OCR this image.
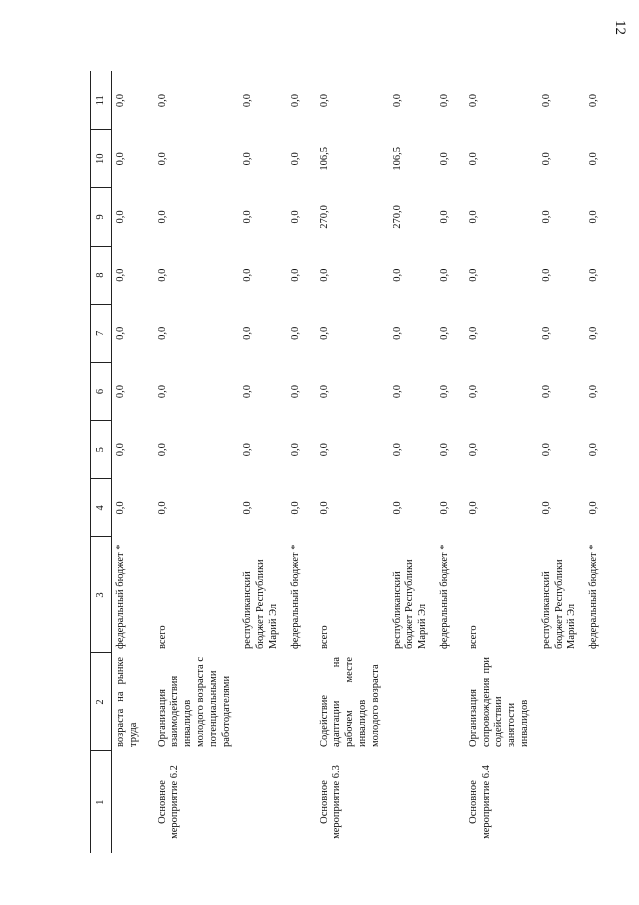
12
1	2	3	4	5	6	7	8	9	10	11
	возраста на рынке труда	федеральный бюджет *	0,0	0,0	0,0	0,0	0,0	0,0	0,0	0,0
Основное мероприятие 6.2	Организация взаимодействия инвалидов молодого возраста с потенциальными работодателями	всего	0,0	0,0	0,0	0,0	0,0	0,0	0,0	0,0
		республиканский бюджет Республики Марий Эл	0,0	0,0	0,0	0,0	0,0	0,0	0,0	0,0
		федеральный бюджет *	0,0	0,0	0,0	0,0	0,0	0,0	0,0	0,0
Основное мероприятие 6.3	Содействие адаптации на рабочем месте инвалидов молодого возраста	всего	0,0	0,0	0,0	0,0	0,0	270,0	106,5	0,0
		республиканский бюджет Республики Марий Эл	0,0	0,0	0,0	0,0	0,0	270,0	106,5	0,0
		федеральный бюджет *	0,0	0,0	0,0	0,0	0,0	0,0	0,0	0,0
Основное мероприятие 6.4	Организация сопровождения при содействии занятости инвалидов	всего	0,0	0,0	0,0	0,0	0,0	0,0	0,0	0,0
		республиканский бюджет Республики Марий Эл	0,0	0,0	0,0	0,0	0,0	0,0	0,0	0,0
		федеральный бюджет *	0,0	0,0	0,0	0,0	0,0	0,0	0,0	0,0
